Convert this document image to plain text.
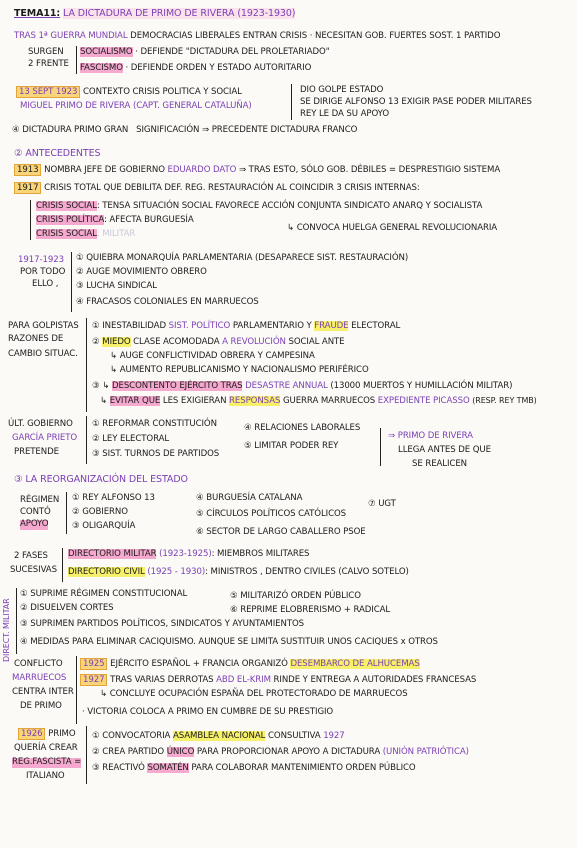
TEMA11: LA DICTADURA DE PRIMO DE RIVERA (1923-1930)
TRAS 1ª GUERRA MUNDIAL DEMOCRACIAS LIBERALES ENTRAN CRISIS · NECESITAN GOB. FUERTES SOST. 1 PARTIDO
SURGEN
2 FRENTE
SOCIALISMO · DEFIENDE "DICTADURA DEL PROLETARIADO"
FASCISMO · DEFIENDE ORDEN Y ESTADO AUTORITARIO
13 SEPT 1923 CONTEXTO CRISIS POLITICA Y SOCIAL
MIGUEL PRIMO DE RIVERA (CAPT. GENERAL CATALUÑA)
DIO GOLPE ESTADO
SE DIRIGE ALFONSO 13 EXIGIR PASE PODER MILITARES
REY LE DA SU APOYO
④ DICTADURA PRIMO GRAN SIGNIFICACIÓN ⇒ PRECEDENTE DICTADURA FRANCO
② ANTECEDENTES
1913 NOMBRA JEFE DE GOBIERNO EDUARDO DATO ⇒ TRAS ESTO, SÓLO GOB. DÉBILES = DESPRESTIGIO SISTEMA
1917 CRISIS TOTAL QUE DEBILITA DEF. REG. RESTAURACIÓN AL COINCIDIR 3 CRISIS INTERNAS:
CRISIS SOCIAL: TENSA SITUACIÓN SOCIAL FAVORECE ACCIÓN CONJUNTA SINDICATO ANARQ Y SOCIALISTA
CRISIS POLÍTICA: AFECTA BURGUESÍA
CRISIS SOCIAL: MILITAR
↳ CONVOCA HUELGA GENERAL REVOLUCIONARIA
1917-1923
POR TODO
ELLO ,
① QUIEBRA MONARQUÍA PARLAMENTARIA (DESAPARECE SIST. RESTAURACIÓN)
② AUGE MOVIMIENTO OBRERO
③ LUCHA SINDICAL
④ FRACASOS COLONIALES EN MARRUECOS
PARA GOLPISTAS
RAZONES DE
CAMBIO SITUAC.
① INESTABILIDAD SIST. POLÍTICO PARLAMENTARIO Y FRAUDE ELECTORAL
② MIEDO CLASE ACOMODADA A REVOLUCIÓN SOCIAL ANTE
↳ AUGE CONFLICTIVIDAD OBRERA Y CAMPESINA
↳ AUMENTO REPUBLICANISMO Y NACIONALISMO PERIFÉRICO
③ ↳ DESCONTENTO EJÉRCITO TRAS DESASTRE ANNUAL (13000 MUERTOS Y HUMILLACIÓN MILITAR)
↳ EVITAR QUE LES EXIGIERAN RESPONSAS GUERRA MARRUECOS EXPEDIENTE PICASSO (RESP. REY TMB)
ÚLT. GOBIERNO
GARCÍA PRIETO
PRETENDE
① REFORMAR CONSTITUCIÓN
② LEY ELECTORAL
③ SIST. TURNOS DE PARTIDOS
④ RELACIONES LABORALES
⑤ LIMITAR PODER REY
⇒ PRIMO DE RIVERA
LLEGA ANTES DE QUE
SE REALICEN
③ LA REORGANIZACIÓN DEL ESTADO
RÉGIMEN
CONTÓ
APOYO
① REY ALFONSO 13
② GOBIERNO
③ OLIGARQUÍA
④ BURGUESÍA CATALANA
⑤ CÍRCULOS POLÍTICOS CATÓLICOS
⑥ SECTOR DE LARGO CABALLERO PSOE
⑦ UGT
2 FASES
SUCESIVAS
DIRECTORIO MILITAR (1923-1925): MIEMBROS MILITARES
DIRECTORIO CIVIL (1925 - 1930): MINISTROS , DENTRO CIVILES (CALVO SOTELO)
DIRECT. MILITAR
① SUPRIME RÉGIMEN CONSTITUCIONAL
② DISUELVEN CORTES
③ SUPRIMEN PARTIDOS POLÍTICOS, SINDICATOS Y AYUNTAMIENTOS
④ MEDIDAS PARA ELIMINAR CACIQUISMO. AUNQUE SE LIMITA SUSTITUIR UNOS CACIQUES x OTROS
⑤ MILITARIZÓ ORDEN PÚBLICO
⑥ REPRIME ELOBRERISMO + RADICAL
CONFLICTO
MARRUECOS
CENTRA INTER
DE PRIMO
1925 EJÉRCITO ESPAÑOL + FRANCIA ORGANIZÓ DESEMBARCO DE ALHUCEMAS
1927 TRAS VARIAS DERROTAS ABD EL-KRIM RINDE Y ENTREGA A AUTORIDADES FRANCESAS
↳ CONCLUYE OCUPACIÓN ESPAÑA DEL PROTECTORADO DE MARRUECOS
· VICTORIA COLOCA A PRIMO EN CUMBRE DE SU PRESTIGIO
1926 PRIMO
QUERÍA CREAR
REG.FASCISTA =
ITALIANO
① CONVOCATORIA ASAMBLEA NACIONAL CONSULTIVA 1927
② CREA PARTIDO ÚNICO PARA PROPORCIONAR APOYO A DICTADURA (UNIÓN PATRIÓTICA)
③ REACTIVÓ SOMATÉN PARA COLABORAR MANTENIMIENTO ORDEN PÚBLICO
